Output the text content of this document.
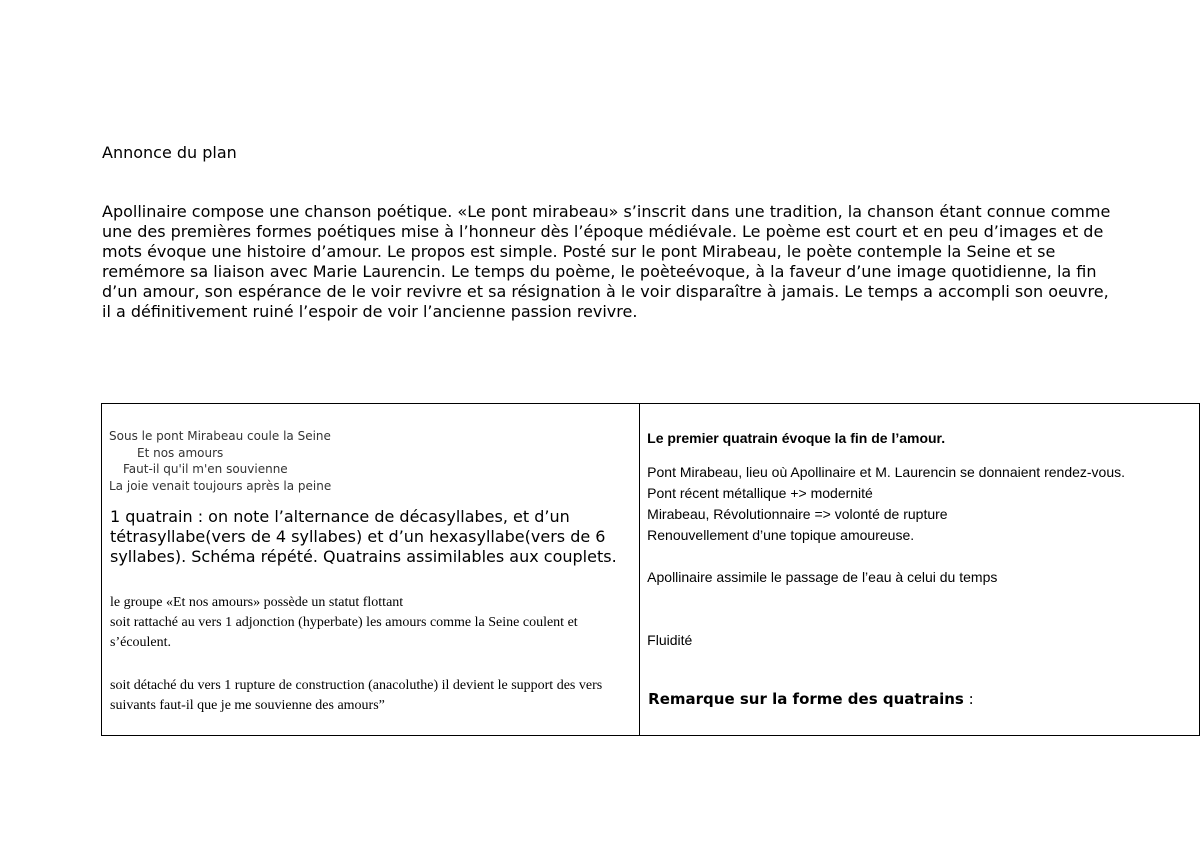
Annonce du plan

Apollinaire compose une chanson poétique. «Le pont mirabeau» s’inscrit dans une tradition, la chanson étant connue comme une des premières formes poétiques mise à l’honneur dès l’époque médiévale. Le poème est court et en peu d’images et de mots évoque une histoire d’amour. Le propos est simple. Posté sur le pont Mirabeau, le poète contemple la Seine et se remémore sa liaison avec Marie Laurencin. Le temps du poème, le poèteévoque, à la faveur d’une image quotidienne, la fin d’un amour, son espérance de le voir revivre et sa résignation à le voir disparaître à jamais. Le temps a accompli son oeuvre, il a définitivement ruiné l’espoir de voir l’ancienne passion revivre.

Sous le pont Mirabeau coule la Seine

Et nos amours

Faut-il qu'il m'en souvienne

La joie venait toujours après la peine

1 quatrain : on note l’alternance de décasyllabes, et d’un tétrasyllabe(vers de 4 syllabes) et d’un hexasyllabe(vers de 6 syllabes). Schéma répété. Quatrains assimilables aux couplets.

le groupe «Et nos amours» possède un statut flottant

soit rattaché au vers 1 adjonction (hyperbate) les amours comme la Seine coulent et s’écoulent.

soit détaché du vers 1 rupture de construction (anacoluthe) il devient le support des vers suivants faut-il que je me souvienne des amours”

Le premier quatrain évoque la fin de l’amour.

Pont Mirabeau, lieu où Apollinaire et M. Laurencin se donnaient rendez-vous.

Pont récent métallique +> modernité

Mirabeau, Révolutionnaire => volonté de rupture

Renouvellement d’une topique amoureuse.

Apollinaire assimile le passage de l’eau à celui du temps

Fluidité

Remarque sur la forme des quatrains :
